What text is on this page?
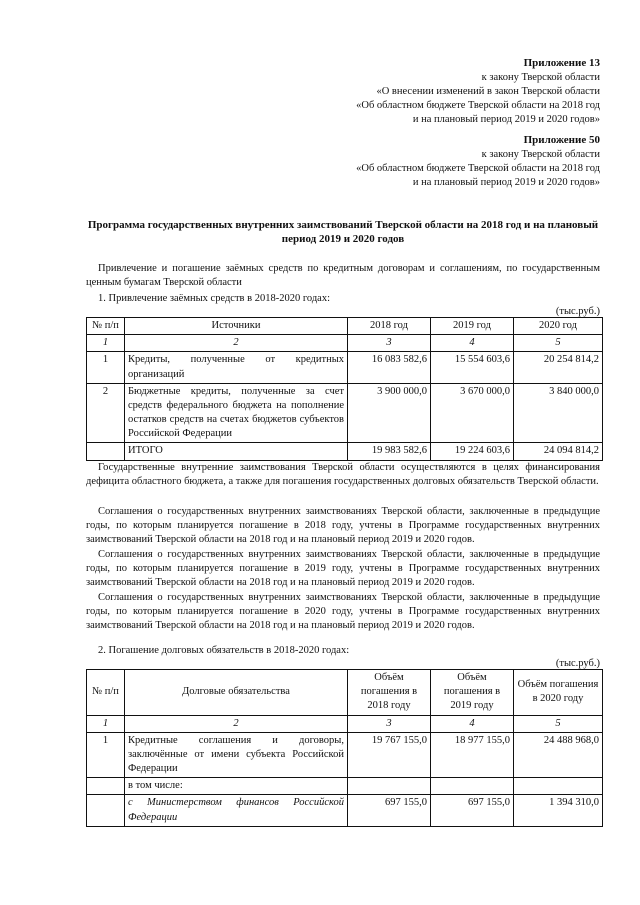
Приложение 13
к закону Тверской области
«О внесении изменений в закон Тверской области
«Об областном бюджете Тверской области на 2018 год
и на плановый период 2019 и 2020 годов»
Приложение 50
к закону Тверской области
«Об областном бюджете Тверской области на 2018 год
и на плановый период 2019 и 2020 годов»
Программа государственных внутренних заимствований Тверской области на 2018 год и на плановый период 2019 и 2020 годов
Привлечение и погашение заёмных средств по кредитным договорам и соглашениям, по государственным ценным бумагам Тверской области
1. Привлечение заёмных средств в 2018-2020 годах:
(тыс.руб.)
№ п/п	Источники	2018 год	2019 год	2020 год
1	2	3	4	5
1	Кредиты, полученные от кредитных организаций	16 083 582,6	15 554 603,6	20 254 814,2
2	Бюджетные кредиты, полученные за счет средств федерального бюджета на пополнение остатков средств на счетах бюджетов субъектов Российской Федерации	3 900 000,0	3 670 000,0	3 840 000,0
	ИТОГО	19 983 582,6	19 224 603,6	24 094 814,2
Государственные внутренние заимствования Тверской области осуществляются в целях финансирования дефицита областного бюджета, а также для погашения государственных долговых обязательств Тверской области.
Соглашения о государственных внутренних заимствованиях Тверской области, заключенные в предыдущие годы, по которым планируется погашение в 2018 году, учтены в Программе государственных внутренних заимствований Тверской области на 2018 год и на плановый период 2019 и 2020 годов.
Соглашения о государственных внутренних заимствованиях Тверской области, заключенные в предыдущие годы, по которым планируется погашение в 2019 году, учтены в Программе государственных внутренних заимствований Тверской области на 2018 год и на плановый период 2019 и 2020 годов.
Соглашения о государственных внутренних заимствованиях Тверской области, заключенные в предыдущие годы, по которым планируется погашение в 2020 году, учтены в Программе государственных внутренних заимствований Тверской области на 2018 год и на плановый период 2019 и 2020 годов.
2. Погашение долговых обязательств в 2018-2020 годах:
(тыс.руб.)
№ п/п	Долговые обязательства	Объём погашения в 2018 году	Объём погашения в 2019 году	Объём погашения в 2020 году
1	2	3	4	5
1	Кредитные соглашения и договоры, заключённые от имени субъекта Российской Федерации	19 767 155,0	18 977 155,0	24 488 968,0
	в том числе:			
	с Министерством финансов Российской Федерации	697 155,0	697 155,0	1 394 310,0
